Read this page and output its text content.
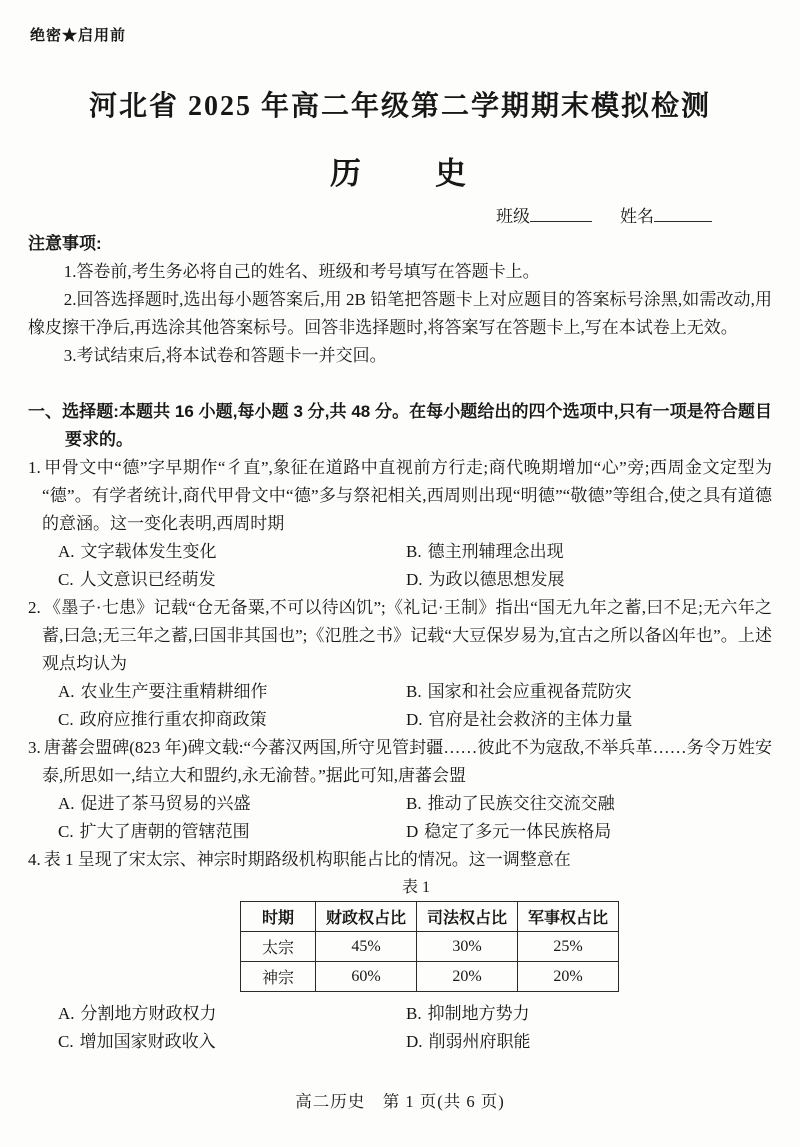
绝密★启用前
河北省 2025 年高二年级第二学期期末模拟检测
历　　史
班级	姓名
注意事项:

1.答卷前,考生务必将自己的姓名、班级和考号填写在答题卡上。

2.回答选择题时,选出每小题答案后,用 2B 铅笔把答题卡上对应题目的答案标号涂黑,如需改动,用橡皮擦干净后,再选涂其他答案标号。回答非选择题时,将答案写在答题卡上,写在本试卷上无效。

3.考试结束后,将本试卷和答题卡一并交回。

一、选择题:本题共 16 小题,每小题 3 分,共 48 分。在每小题给出的四个选项中,只有一项是符合题目要求的。
1. 甲骨文中“德”字早期作“彳直”,象征在道路中直视前方行走;商代晚期增加“心”旁;西周金文定型为“德”。有学者统计,商代甲骨文中“德”多与祭祀相关,西周则出现“明德”“敬德”等组合,使之具有道德的意涵。这一变化表明,西周时期
A. 文字载体发生变化	B. 德主刑辅理念出现
C. 人文意识已经萌发	D. 为政以德思想发展
2. 《墨子·七患》记载“仓无备粟,不可以待凶饥”;《礼记·王制》指出“国无九年之蓄,曰不足;无六年之蓄,曰急;无三年之蓄,曰国非其国也”;《氾胜之书》记载“大豆保岁易为,宜古之所以备凶年也”。上述观点均认为
A. 农业生产要注重精耕细作	B. 国家和社会应重视备荒防灾
C. 政府应推行重农抑商政策	D. 官府是社会救济的主体力量
3. 唐蕃会盟碑(823 年)碑文载:“今蕃汉两国,所守见管封疆……彼此不为寇敌,不举兵革……务令万姓安泰,所思如一,结立大和盟约,永无渝替。”据此可知,唐蕃会盟
A. 促进了茶马贸易的兴盛	B. 推动了民族交往交流交融
C. 扩大了唐朝的管辖范围	D 稳定了多元一体民族格局
4. 表 1 呈现了宋太宗、神宗时期路级机构职能占比的情况。这一调整意在
表 1
时期	财政权占比	司法权占比	军事权占比
太宗	45%	30%	25%
神宗	60%	20%	20%
A. 分割地方财政权力	B. 抑制地方势力
C. 增加国家财政收入	D. 削弱州府职能
高二历史　第 1 页(共 6 页)
